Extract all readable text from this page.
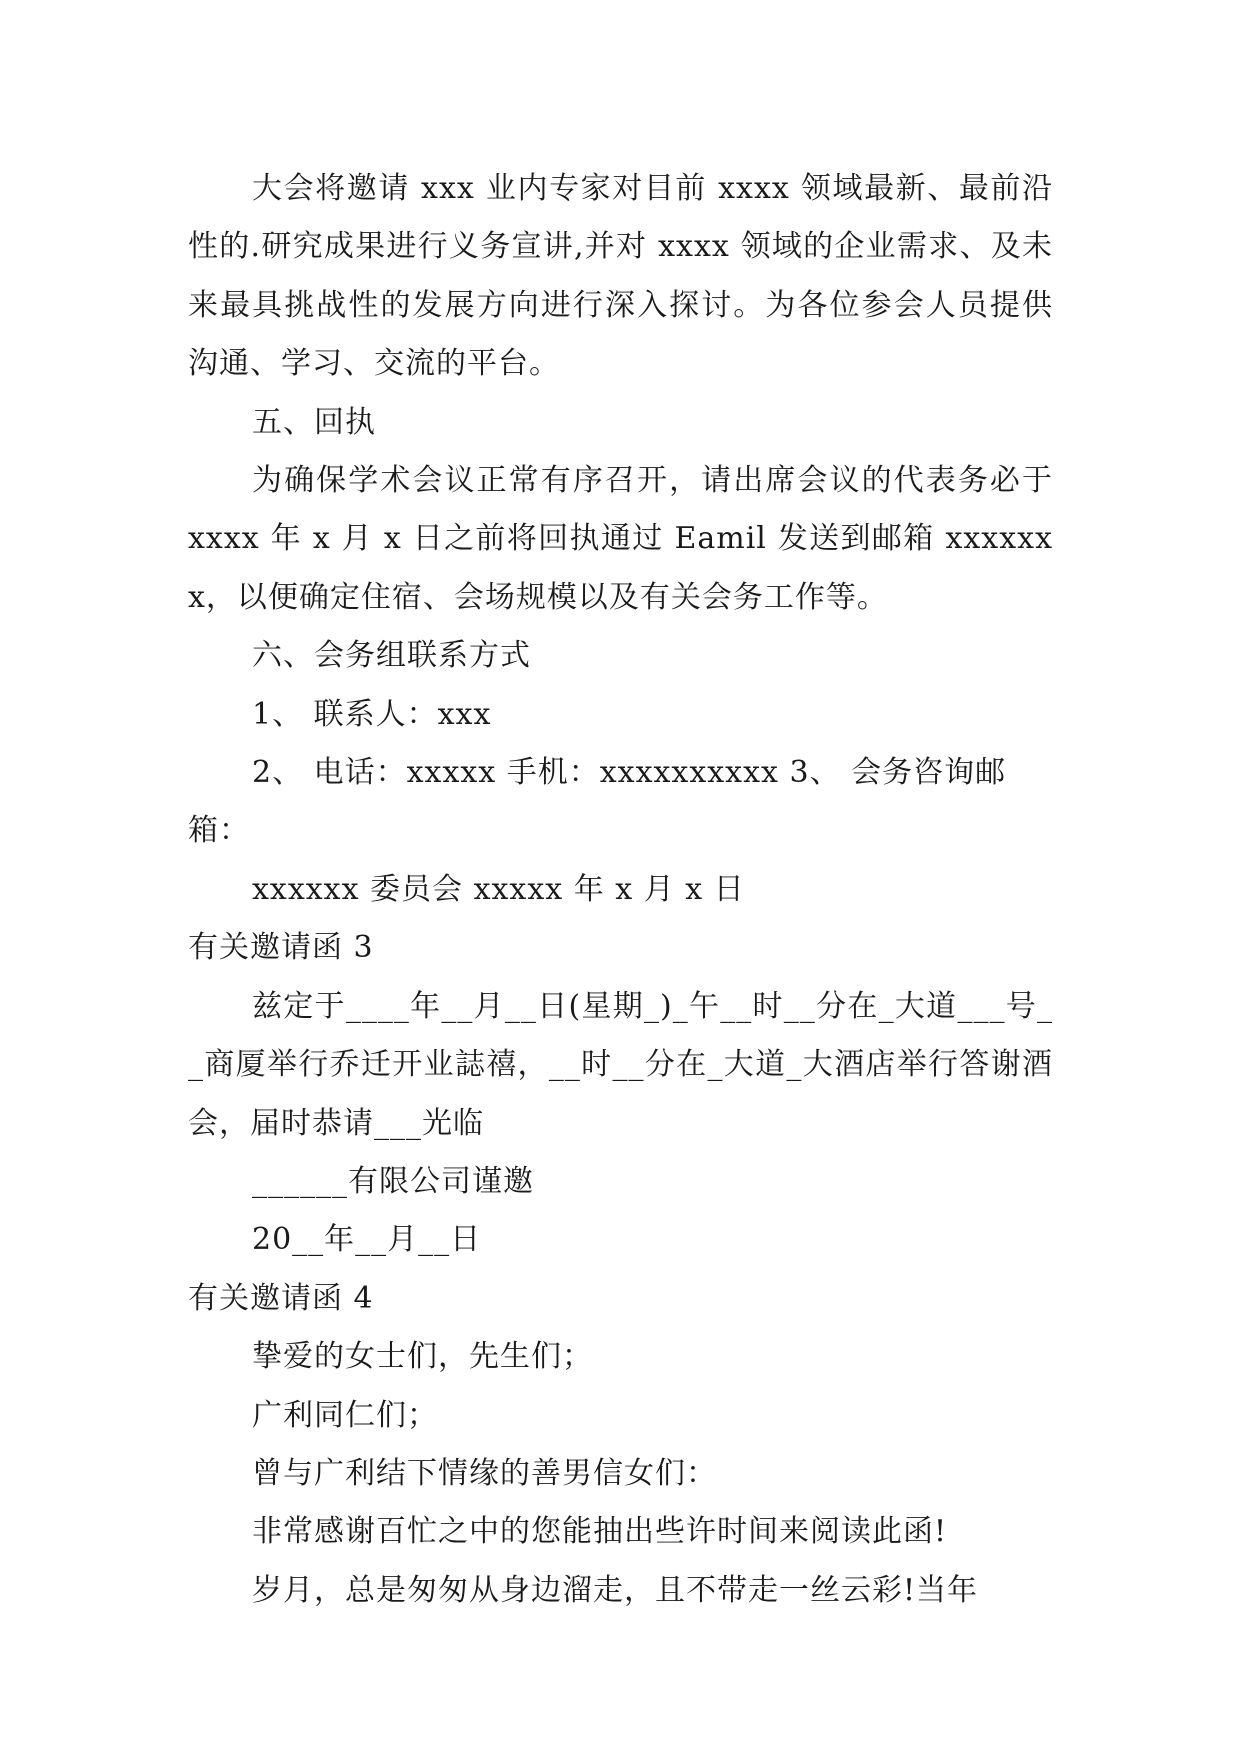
大会将邀请 xxx 业内专家对目前 xxxx 领域最新、最前沿性的.研究成果进行义务宣讲,并对 xxxx 领域的企业需求、及未来最具挑战性的发展方向进行深入探讨。为各位参会人员提供沟通、学习、交流的平台。

五、回执

为确保学术会议正常有序召开，请出席会议的代表务必于 xxxx 年 x 月 x 日之前将回执通过 Eamil 发送到邮箱 xxxxxxx，以便确定住宿、会场规模以及有关会务工作等。

六、会务组联系方式

1、 联系人：xxx

2、 电话：xxxxx 手机：xxxxxxxxxx 3、 会务咨询邮箱：

xxxxxx 委员会 xxxxx 年 x 月 x 日

有关邀请函 3

兹定于____年__月__日(星期_)_午__时__分在_大道___号__商厦举行乔迁开业誌禧，__时__分在_大道_大酒店举行答谢酒会，届时恭请___光临

______有限公司谨邀

20__年__月__日

有关邀请函 4

挚爱的女士们，先生们；

广利同仁们；

曾与广利结下情缘的善男信女们：

非常感谢百忙之中的您能抽出些许时间来阅读此函!

岁月，总是匆匆从身边溜走，且不带走一丝云彩!当年
